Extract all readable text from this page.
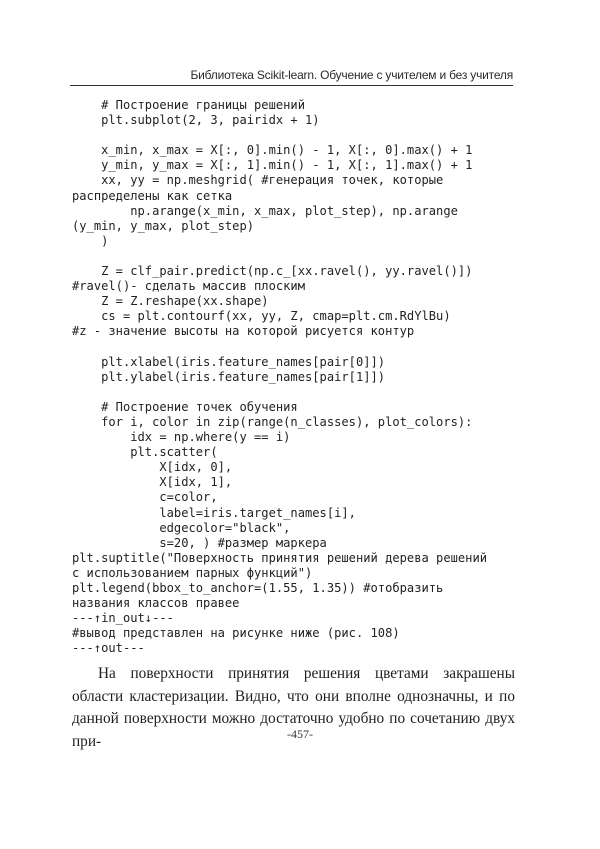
Библиотека Scikit-learn. Обучение с учителем и без учителя
# Построение границы решений
plt.subplot(2, 3, pairidx + 1)
x_min, x_max = X[:, 0].min() - 1, X[:, 0].max() + 1
y_min, y_max = X[:, 1].min() - 1, X[:, 1].max() + 1
xx, yy = np.meshgrid( #генерация точек, которые
распределены как сетка
np.arange(x_min, x_max, plot_step), np.arange
(y_min, y_max, plot_step)
)
Z = clf_pair.predict(np.c_[xx.ravel(), yy.ravel()])
#ravel()- сделать массив плоским
Z = Z.reshape(xx.shape)
cs = plt.contourf(xx, yy, Z, cmap=plt.cm.RdYlBu)
#z - значение высоты на которой рисуется контур
plt.xlabel(iris.feature_names[pair[0]])
plt.ylabel(iris.feature_names[pair[1]])
# Построение точек обучения
for i, color in zip(range(n_classes), plot_colors):
idx = np.where(y == i)
plt.scatter(
X[idx, 0],
X[idx, 1],
c=color,
label=iris.target_names[i],
edgecolor="black",
s=20, ) #размер маркера
plt.suptitle("Поверхность принятия решений дерева решений
с использованием парных функций")
plt.legend(bbox_to_anchor=(1.55, 1.35)) #отобразить
названия классов правее
---↑in_out↓---
#вывод представлен на рисунке ниже (рис. 108)
---↑out---

На поверхности принятия решения цветами закрашены области кластеризации. Видно, что они вполне однозначны, и по данной поверхности можно достаточно удобно по сочетанию двух при-	-457-
